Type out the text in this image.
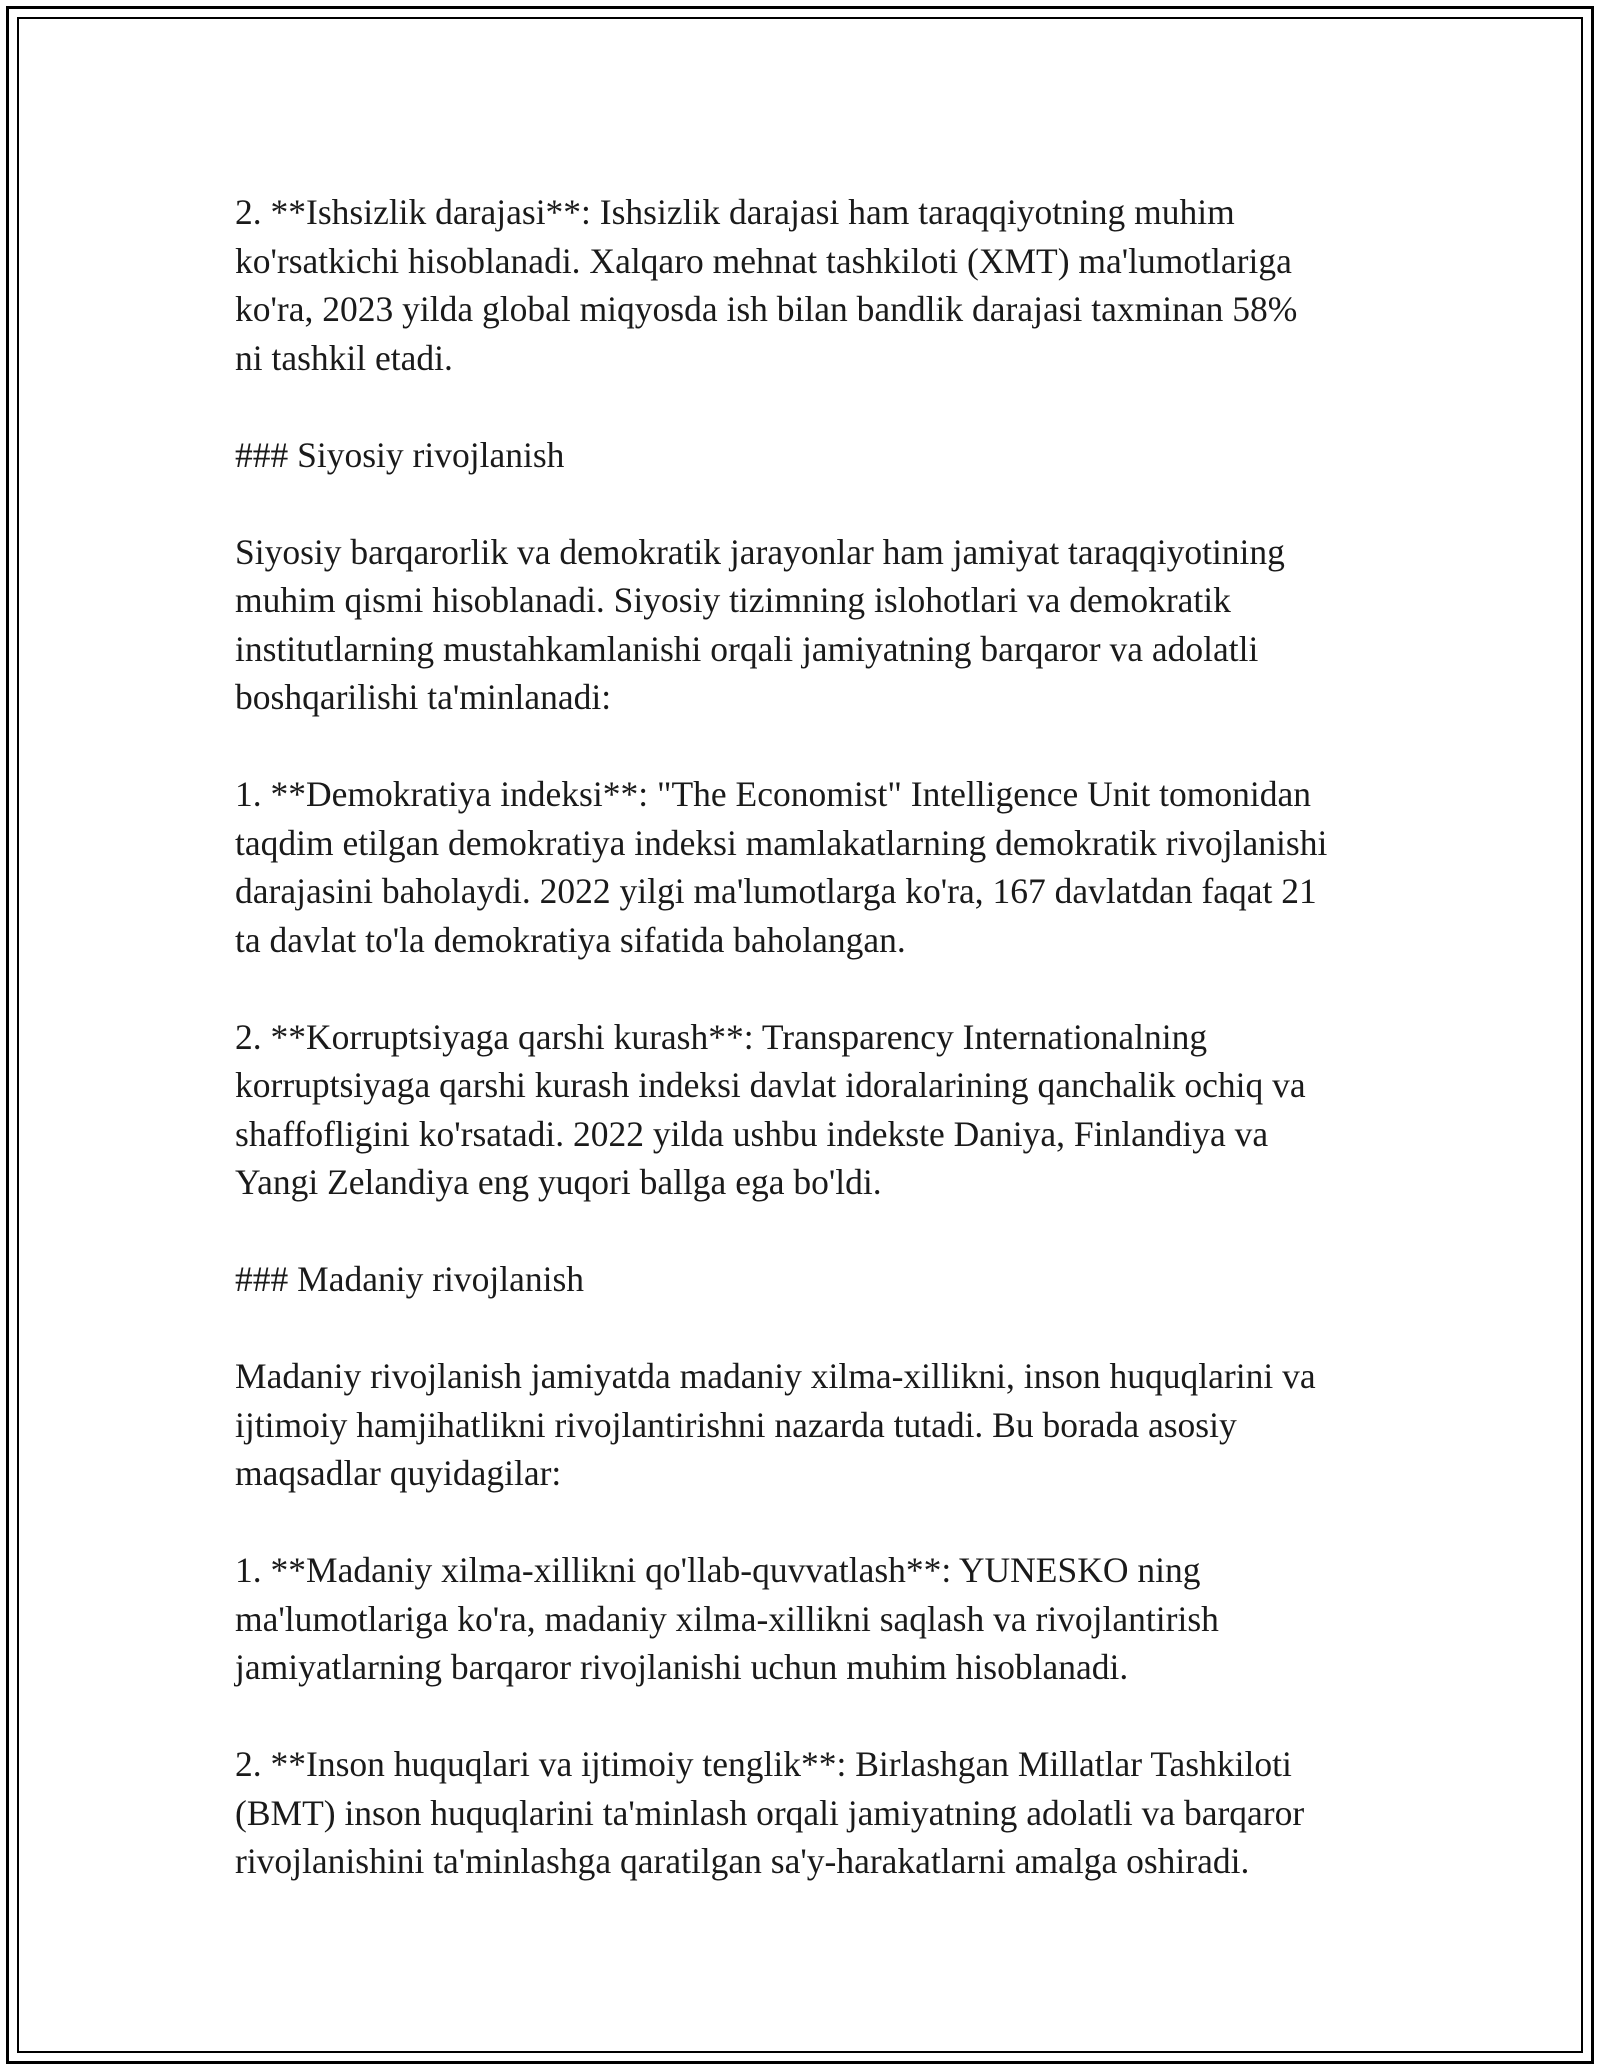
2. **Ishsizlik darajasi**: Ishsizlik darajasi ham taraqqiyotning muhim
ko'rsatkichi hisoblanadi. Xalqaro mehnat tashkiloti (XMT) ma'lumotlariga
ko'ra, 2023 yilda global miqyosda ish bilan bandlik darajasi taxminan 58%
ni tashkil etadi.

### Siyosiy rivojlanish

Siyosiy barqarorlik va demokratik jarayonlar ham jamiyat taraqqiyotining
muhim qismi hisoblanadi. Siyosiy tizimning islohotlari va demokratik
institutlarning mustahkamlanishi orqali jamiyatning barqaror va adolatli
boshqarilishi ta'minlanadi:

1. **Demokratiya indeksi**: "The Economist" Intelligence Unit tomonidan
taqdim etilgan demokratiya indeksi mamlakatlarning demokratik rivojlanishi
darajasini baholaydi. 2022 yilgi ma'lumotlarga ko'ra, 167 davlatdan faqat 21
ta davlat to'la demokratiya sifatida baholangan.

2. **Korruptsiyaga qarshi kurash**: Transparency Internationalning
korruptsiyaga qarshi kurash indeksi davlat idoralarining qanchalik ochiq va
shaffofligini ko'rsatadi. 2022 yilda ushbu indekste Daniya, Finlandiya va
Yangi Zelandiya eng yuqori ballga ega bo'ldi.

### Madaniy rivojlanish

Madaniy rivojlanish jamiyatda madaniy xilma-xillikni, inson huquqlarini va
ijtimoiy hamjihatlikni rivojlantirishni nazarda tutadi. Bu borada asosiy
maqsadlar quyidagilar:

1. **Madaniy xilma-xillikni qo'llab-quvvatlash**: YUNESKO ning
ma'lumotlariga ko'ra, madaniy xilma-xillikni saqlash va rivojlantirish
jamiyatlarning barqaror rivojlanishi uchun muhim hisoblanadi.

2. **Inson huquqlari va ijtimoiy tenglik**: Birlashgan Millatlar Tashkiloti
(BMT) inson huquqlarini ta'minlash orqali jamiyatning adolatli va barqaror
rivojlanishini ta'minlashga qaratilgan sa'y-harakatlarni amalga oshiradi.
